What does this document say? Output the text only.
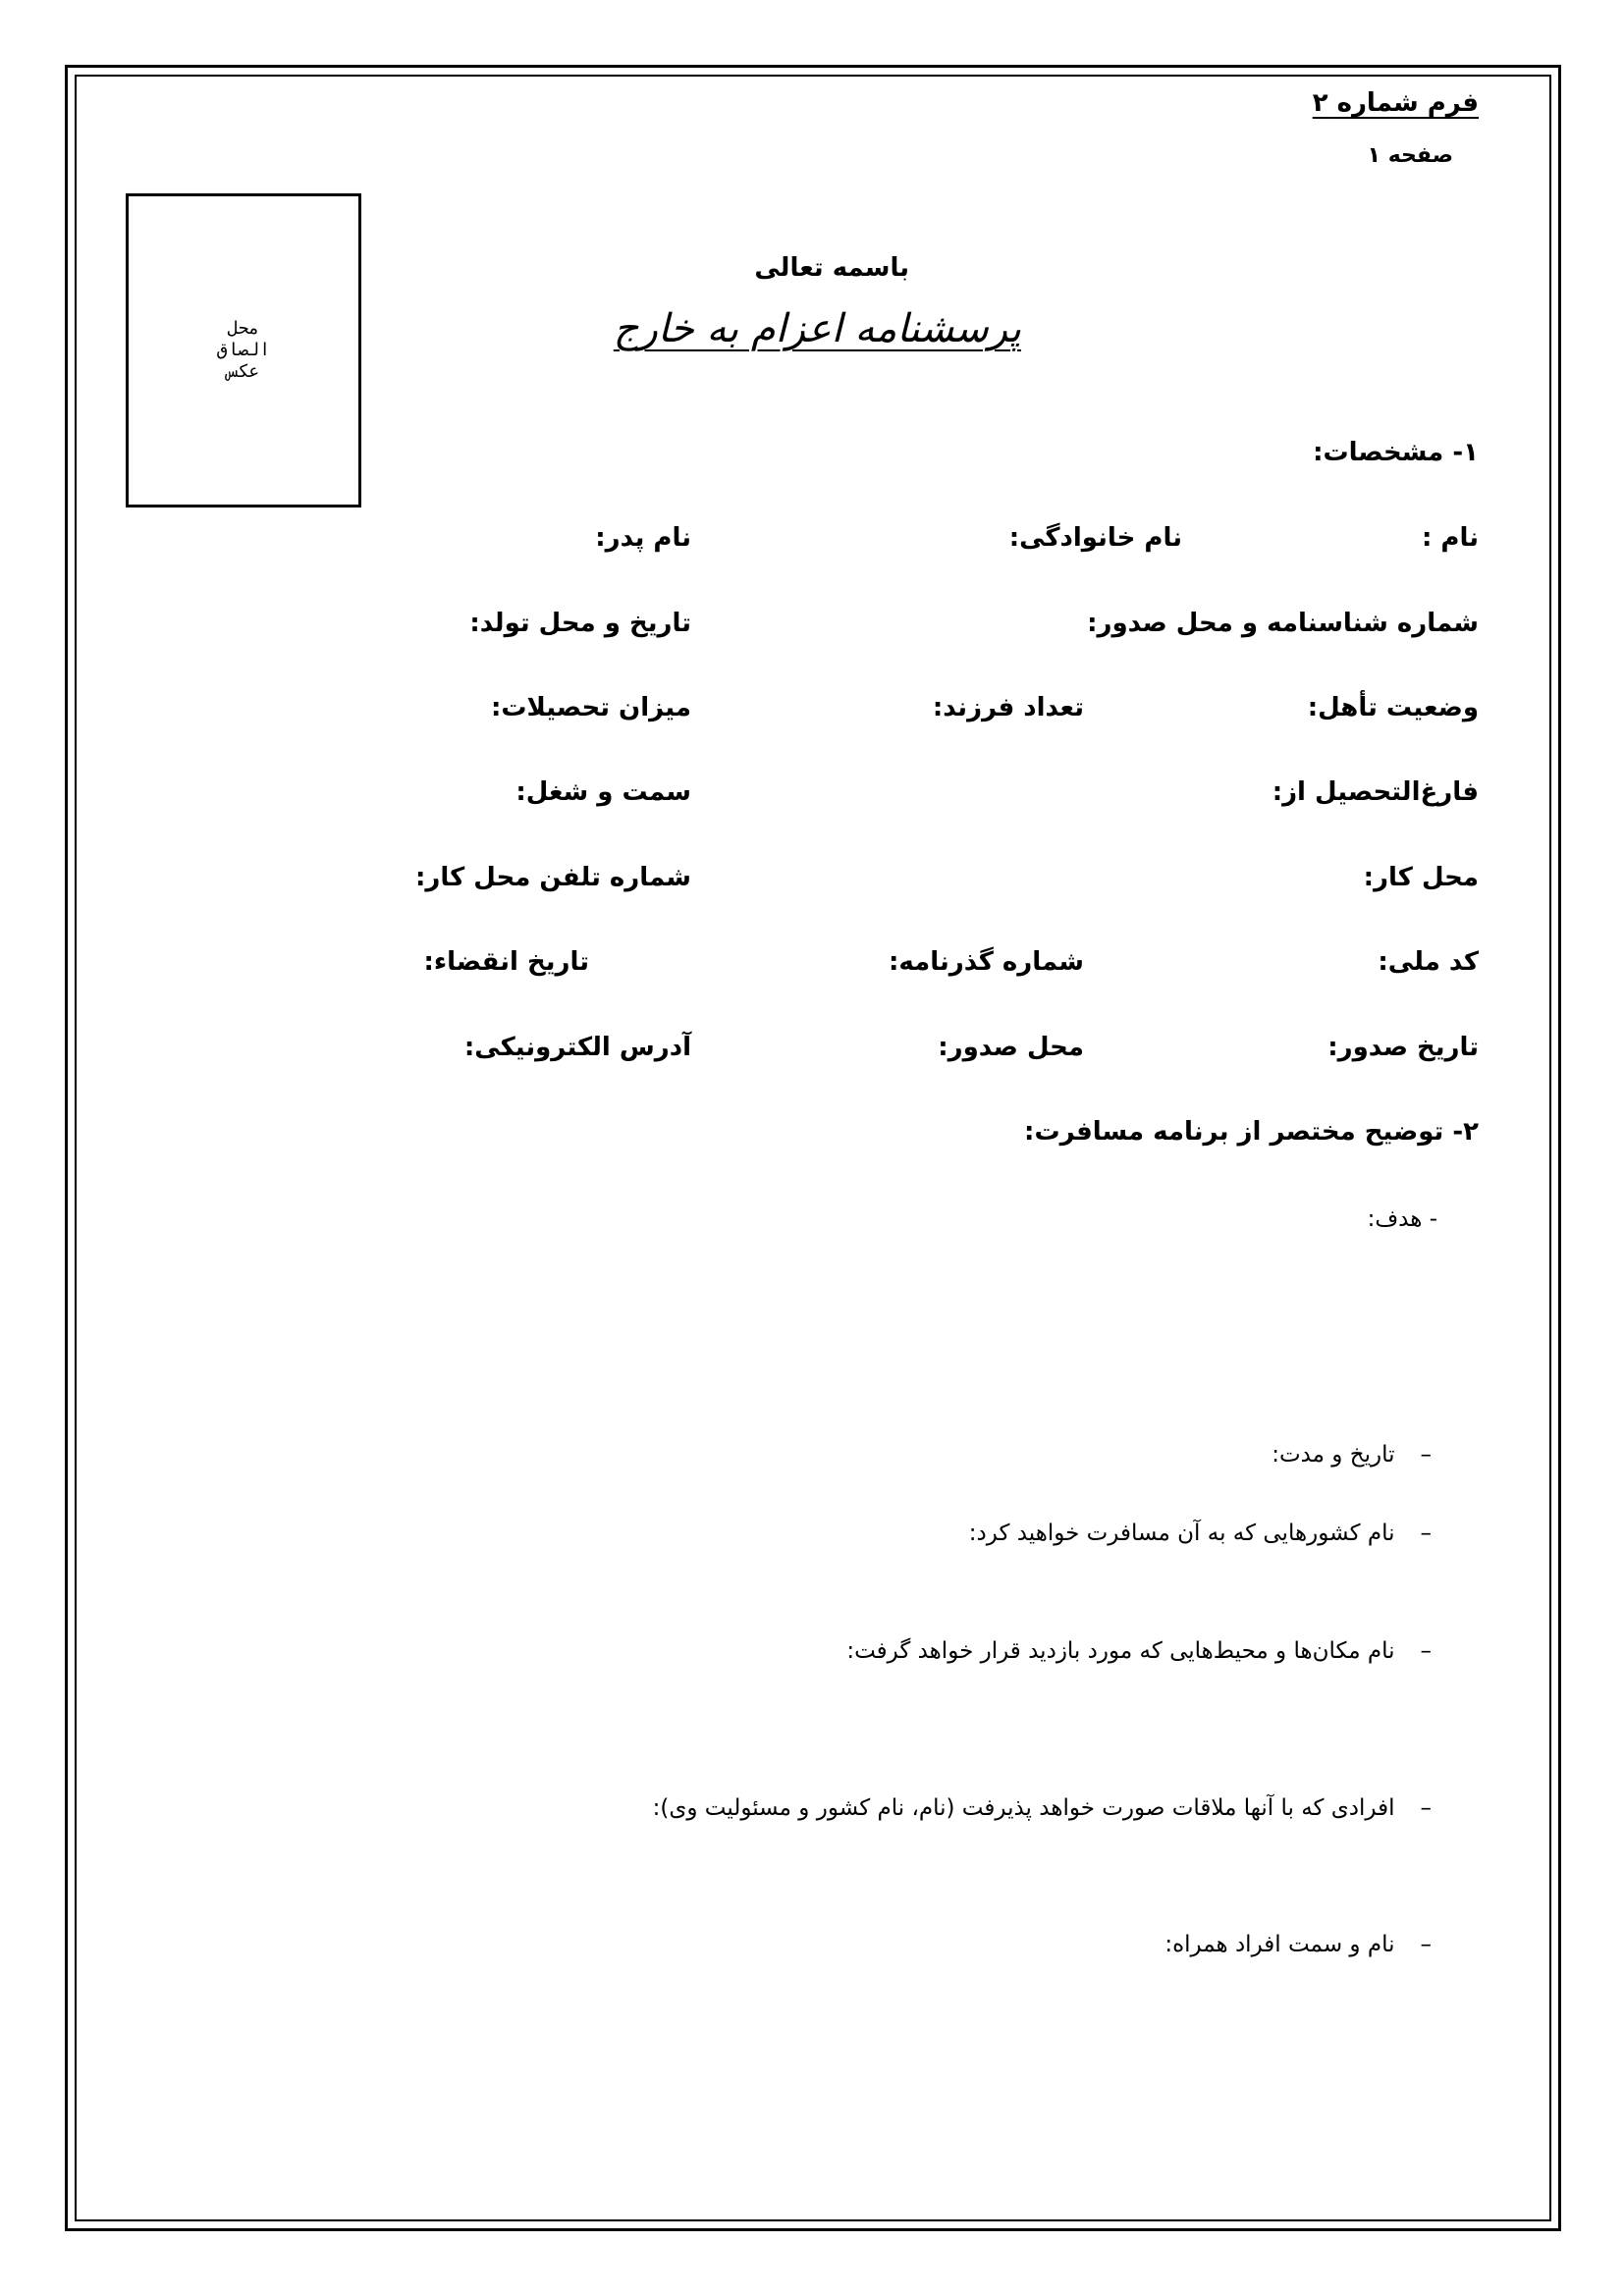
فرم شماره ۲
صفحه ۱
محل
الصاق
عکس
باسمه تعالی
پرسشنامه اعزام به خارج
۱- مشخصات:
نام :
نام خانوادگی:
نام پدر:
شماره شناسنامه و محل صدور:
تاریخ و محل تولد:
وضعیت تأهل:
تعداد فرزند:
میزان تحصیلات:
فارغ‌التحصیل از:
سمت و شغل:
محل کار:
شماره تلفن محل کار:
کد ملی:
شماره گذرنامه:
تاریخ انقضاء:
تاریخ صدور:
محل صدور:
آدرس الکترونیکی:
۲- توضیح مختصر از برنامه مسافرت:
- هدف:
–تاریخ و مدت:
–نام کشورهایی که به آن مسافرت خواهید کرد:
–نام مکان‌ها و محیط‌هایی که مورد بازدید قرار خواهد گرفت:
–افرادی که با آنها ملاقات صورت خواهد پذیرفت (نام، نام کشور و مسئولیت وی):
–نام و سمت افراد همراه:
